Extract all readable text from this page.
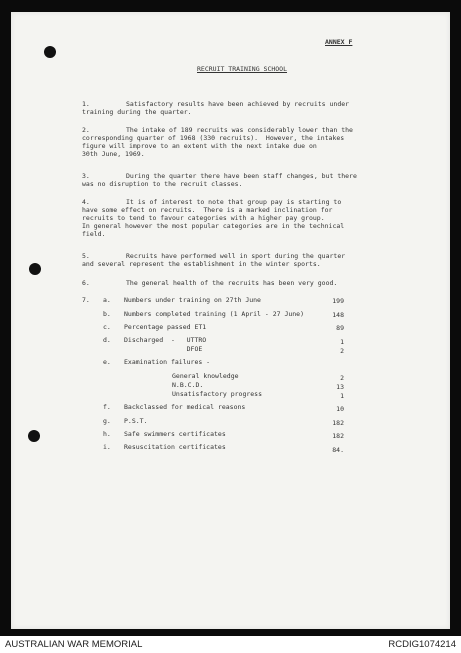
ANNEX F
RECRUIT TRAINING SCHOOL
1.	Satisfactory results have been achieved by recruits under
training during the quarter.
2.	The intake of 189 recruits was considerably lower than the
corresponding quarter of 1968 (330 recruits).  However, the intakes
figure will improve to an extent with the next intake due on
30th June, 1969.
3.	During the quarter there have been staff changes, but there
was no disruption to the recruit classes.
4.	It is of interest to note that group pay is starting to
have some effect on recruits.  There is a marked inclination for
recruits to tend to favour categories with a higher pay group.
In general however the most popular categories are in the technical
field.
5.	Recruits have performed well in sport during the quarter
and several represent the establishment in the winter sports.
6.	The general health of the recruits has been very good.
7. a. Numbers under training on 27th June	199
b. Numbers completed training (1 April - 27 June)	148
c. Percentage passed ET1	89
d. Discharged  -   UTTRO	1
DFOE	2
e. Examination failures -
General knowledge	2
N.B.C.D.	13
Unsatisfactory progress	1
f. Backclassed for medical reasons	10
g. P.S.T.	182
h. Safe swimmers certificates	182
i. Resuscitation certificates	84.
AUSTRALIAN WAR MEMORIAL	RCDIG1074214
